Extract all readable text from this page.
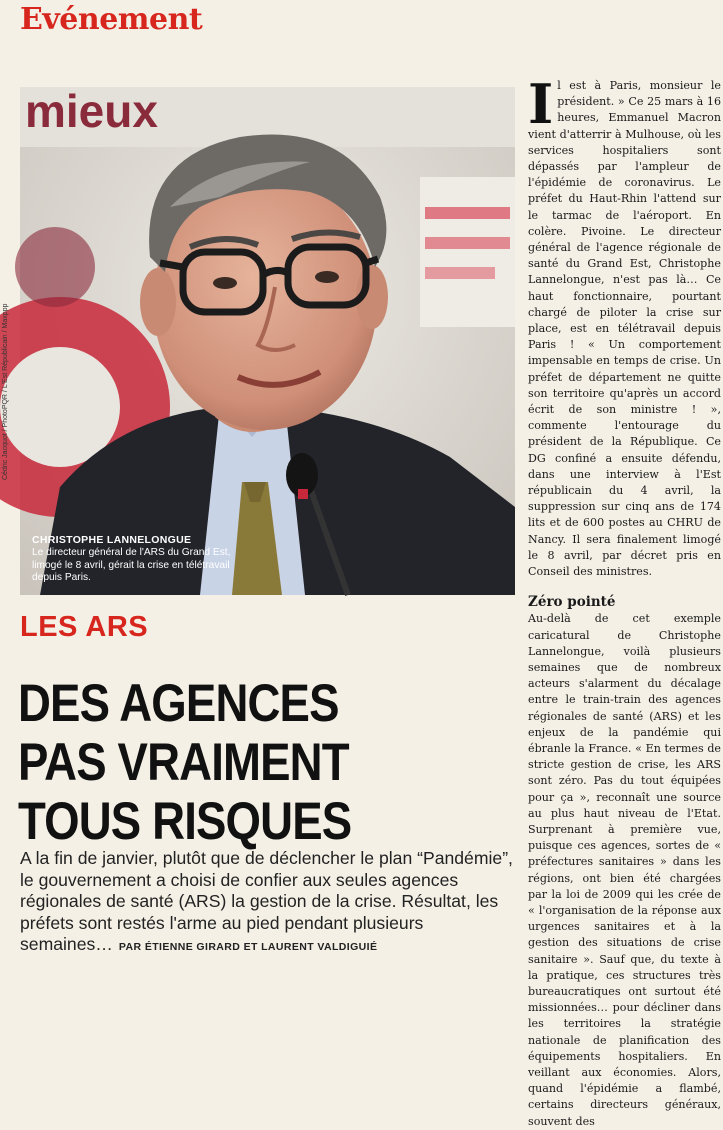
Evénement
mieux
CHRISTOPHE LANNELONGUE
Le directeur général de l'ARS du Grand Est, limogé le 8 avril, gérait la crise en télétravail depuis Paris.
Cédric Jacquot / PhotoPQR / L'Est Républicain / Maxppp
LES ARS
DES AGENCES
PAS VRAIMENT
TOUS RISQUES
A la fin de janvier, plutôt que de déclencher le plan “Pandémie”, le gouvernement a choisi de confier aux seules agences régionales de santé (ARS) la gestion de la crise. Résultat, les préfets sont restés l'arme au pied pendant plusieurs semaines… PAR ÉTIENNE GIRARD ET LAURENT VALDIGUIÉ

Il est à Paris, monsieur le président. » Ce 25 mars à 16 heures, Emmanuel Macron vient d'atterrir à Mulhouse, où les services hospitaliers sont dépassés par l'ampleur de l'épidémie de coronavirus. Le préfet du Haut-Rhin l'attend sur le tarmac de l'aéroport. En colère. Pivoine. Le directeur général de l'agence régionale de santé du Grand Est, Christophe Lannelongue, n'est pas là… Ce haut fonctionnaire, pourtant chargé de piloter la crise sur place, est en télétravail depuis Paris ! « Un comportement impensable en temps de crise. Un préfet de département ne quitte son territoire qu'après un accord écrit de son ministre ! », commente l'entourage du président de la République. Ce DG confiné a ensuite défendu, dans une interview à l'Est républicain du 4 avril, la suppression sur cinq ans de 174 lits et de 600 postes au CHRU de Nancy. Il sera finalement limogé le 8 avril, par décret pris en Conseil des ministres.

Zéro pointé

Au-delà de cet exemple caricatural de Christophe Lannelongue, voilà plusieurs semaines que de nombreux acteurs s'alarment du décalage entre le train-train des agences régionales de santé (ARS) et les enjeux de la pandémie qui ébranle la France. « En termes de stricte gestion de crise, les ARS sont zéro. Pas du tout équipées pour ça », reconnaît une source au plus haut niveau de l'Etat. Surprenant à première vue, puisque ces agences, sortes de « préfectures sanitaires » dans les régions, ont bien été chargées par la loi de 2009 qui les crée de « l'organisation de la réponse aux urgences sanitaires et à la gestion des situations de crise sanitaire ». Sauf que, du texte à la pratique, ces structures très bureaucratiques ont surtout été missionnées… pour décliner dans les territoires la stratégie nationale de planification des équipements hospitaliers. En veillant aux économies. Alors, quand l'épidémie a flambé, certains directeurs généraux, souvent des
